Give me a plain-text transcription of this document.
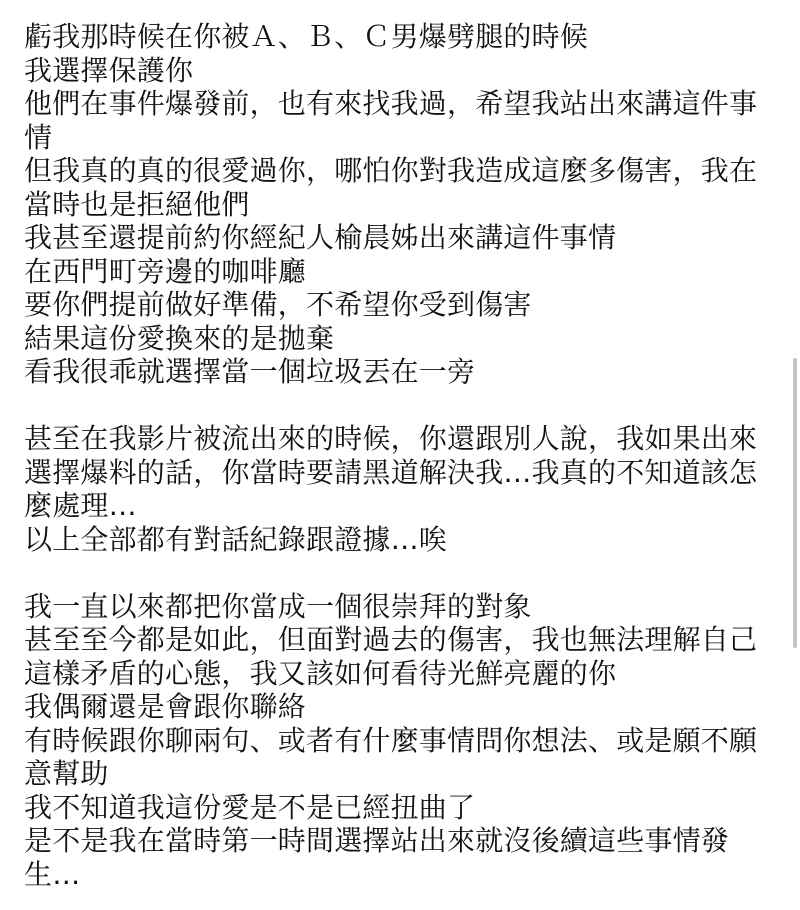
虧我那時候在你被Ａ、Ｂ、Ｃ男爆劈腿的時候
我選擇保護你
他們在事件爆發前，也有來找我過，希望我站出來講這件事
情
但我真的真的很愛過你，哪怕你對我造成這麼多傷害，我在
當時也是拒絕他們
我甚至還提前約你經紀人榆晨姊出來講這件事情
在西門町旁邊的咖啡廳
要你們提前做好準備，不希望你受到傷害
結果這份愛換來的是拋棄
看我很乖就選擇當一個垃圾丟在一旁
甚至在我影片被流出來的時候，你還跟別人說，我如果出來
選擇爆料的話，你當時要請黑道解決我…我真的不知道該怎
麼處理…
以上全部都有對話紀錄跟證據…唉
我一直以來都把你當成一個很崇拜的對象
甚至至今都是如此，但面對過去的傷害，我也無法理解自己
這樣矛盾的心態，我又該如何看待光鮮亮麗的你
我偶爾還是會跟你聯絡
有時候跟你聊兩句、或者有什麼事情問你想法、或是願不願
意幫助
我不知道我這份愛是不是已經扭曲了
是不是我在當時第一時間選擇站出來就沒後續這些事情發
生…
